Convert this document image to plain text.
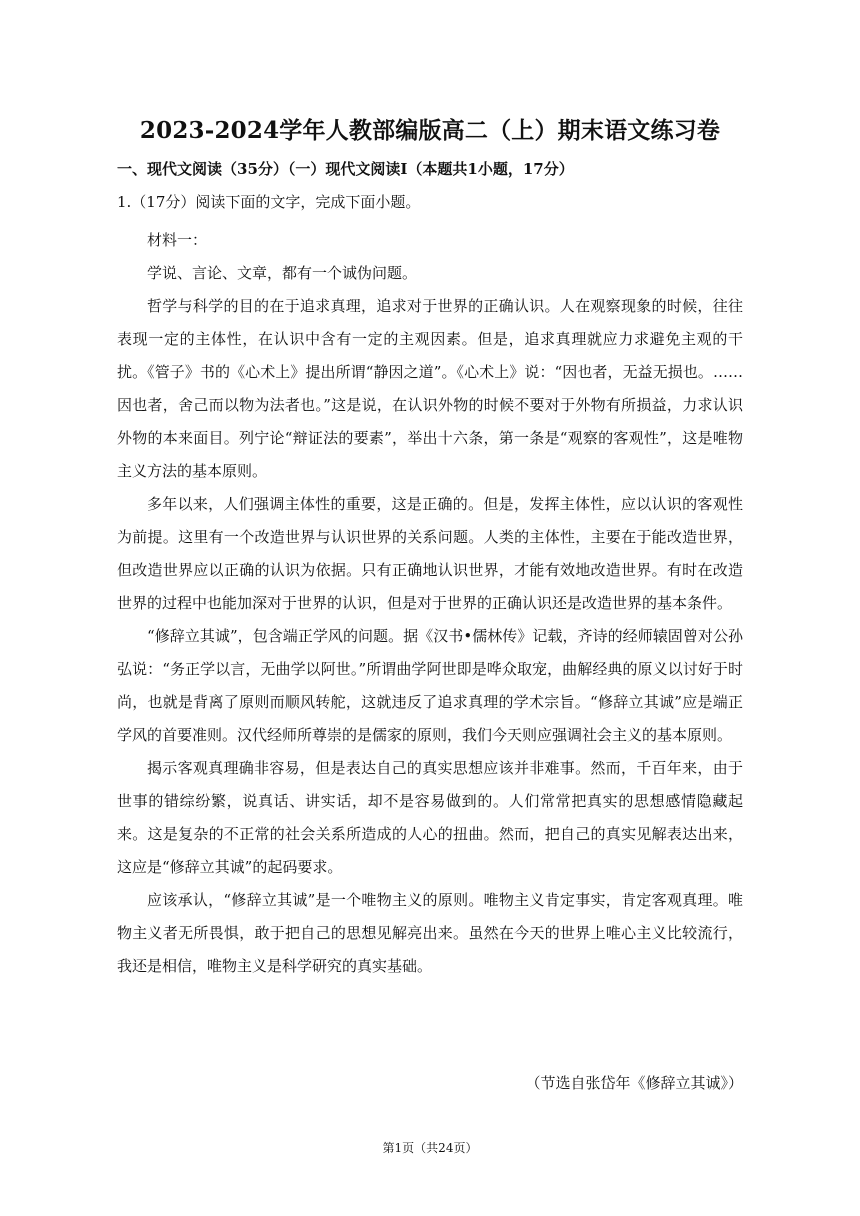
2023-2024学年人教部编版高二（上）期末语文练习卷
一、现代文阅读（35分）（一）现代文阅读Ⅰ（本题共1小题，17分）
1.（17分）阅读下面的文字，完成下面小题。

材料一：

学说、言论、文章，都有一个诚伪问题。

哲学与科学的目的在于追求真理，追求对于世界的正确认识。人在观察现象的时候，往往表现一定的主体性，在认识中含有一定的主观因素。但是，追求真理就应力求避免主观的干扰。《管子》书的《心术上》提出所谓“静因之道”。《心术上》说：“因也者，无益无损也。……因也者，舍己而以物为法者也。”这是说，在认识外物的时候不要对于外物有所损益，力求认识外物的本来面目。列宁论“辩证法的要素”，举出十六条，第一条是“观察的客观性”，这是唯物主义方法的基本原则。

多年以来，人们强调主体性的重要，这是正确的。但是，发挥主体性，应以认识的客观性为前提。这里有一个改造世界与认识世界的关系问题。人类的主体性，主要在于能改造世界，但改造世界应以正确的认识为依据。只有正确地认识世界，才能有效地改造世界。有时在改造世界的过程中也能加深对于世界的认识，但是对于世界的正确认识还是改造世界的基本条件。

“修辞立其诚”，包含端正学风的问题。据《汉书•儒林传》记载，齐诗的经师辕固曾对公孙弘说：“务正学以言，无曲学以阿世。”所谓曲学阿世即是哗众取宠，曲解经典的原义以讨好于时尚，也就是背离了原则而顺风转舵，这就违反了追求真理的学术宗旨。“修辞立其诚”应是端正学风的首要准则。汉代经师所尊崇的是儒家的原则，我们今天则应强调社会主义的基本原则。

揭示客观真理确非容易，但是表达自己的真实思想应该并非难事。然而，千百年来，由于世事的错综纷繁，说真话、讲实话，却不是容易做到的。人们常常把真实的思想感情隐藏起来。这是复杂的不正常的社会关系所造成的人心的扭曲。然而，把自己的真实见解表达出来，这应是“修辞立其诚”的起码要求。

应该承认，“修辞立其诚”是一个唯物主义的原则。唯物主义肯定事实，肯定客观真理。唯物主义者无所畏惧，敢于把自己的思想见解亮出来。虽然在今天的世界上唯心主义比较流行，我还是相信，唯物主义是科学研究的真实基础。

（节选自张岱年《修辞立其诚》）
第1页（共24页）
